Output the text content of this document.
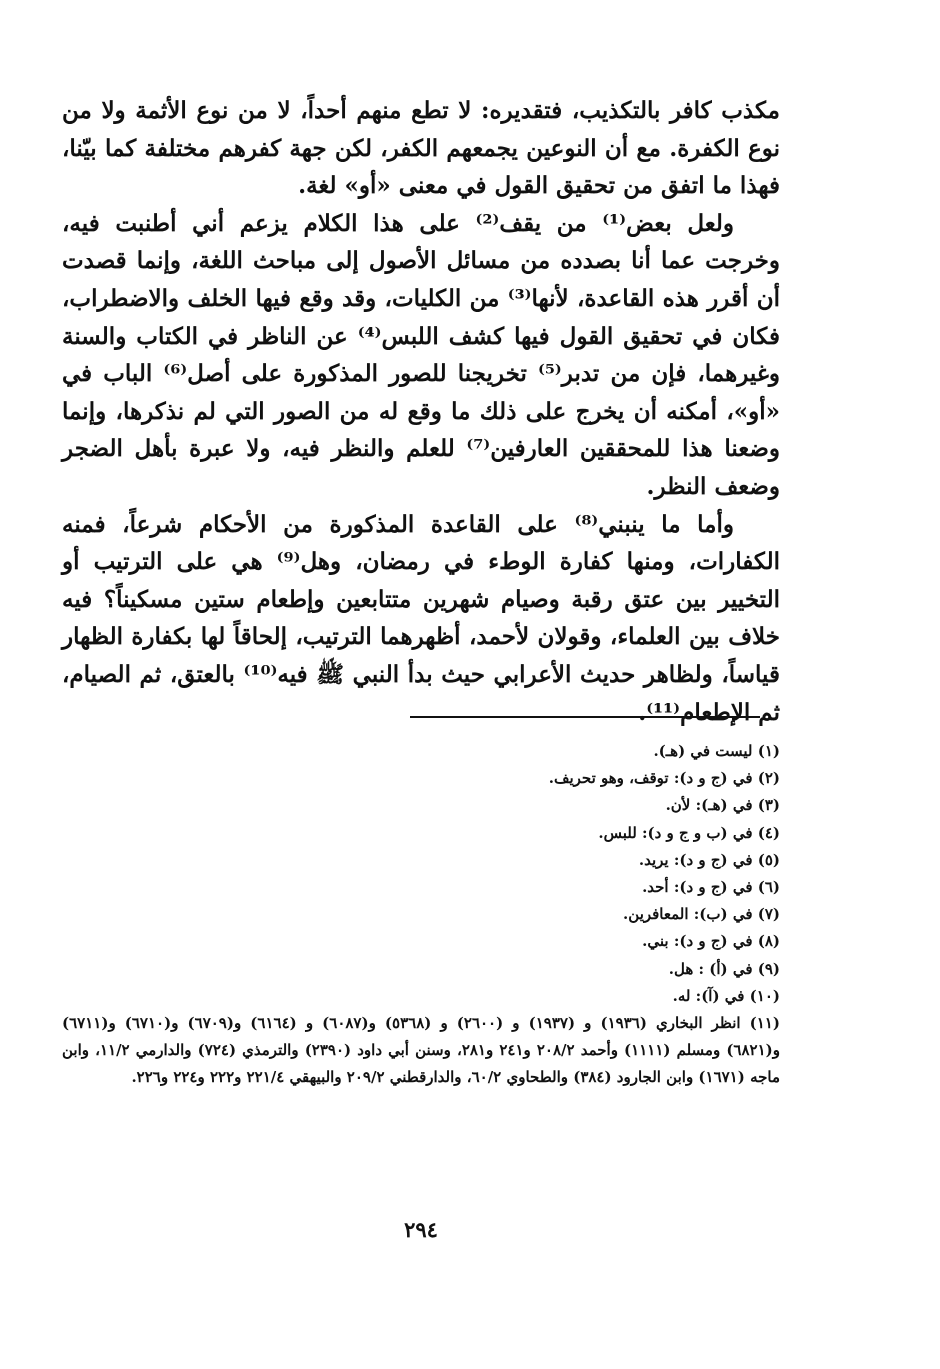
مكذب كافر بالتكذيب، فتقديره: لا تطع منهم أحداً، لا من نوع الأثمة ولا من نوع الكفرة. مع أن النوعين يجمعهم الكفر، لكن جهة كفرهم مختلفة كما بيّنا، فهذا ما اتفق من تحقيق القول في معنى «أو» لغة.

ولعل بعض⁽¹⁾ من يقف⁽²⁾ على هذا الكلام يزعم أني أطنبت فيه، وخرجت عما أنا بصدده من مسائل الأصول إلى مباحث اللغة، وإنما قصدت أن أقرر هذه القاعدة، لأنها⁽³⁾ من الكليات، وقد وقع فيها الخلف والاضطراب، فكان في تحقيق القول فيها كشف اللبس⁽⁴⁾ عن الناظر في الكتاب والسنة وغيرهما، فإن من تدبر⁽⁵⁾ تخريجنا للصور المذكورة على أصل⁽⁶⁾ الباب في «أو»، أمكنه أن يخرج على ذلك ما وقع له من الصور التي لم نذكرها، وإنما وضعنا هذا للمحققين العارفين⁽⁷⁾ للعلم والنظر فيه، ولا عبرة بأهل الضجر وضعف النظر.

وأما ما ينبني⁽⁸⁾ على القاعدة المذكورة من الأحكام شرعاً، فمنه الكفارات، ومنها كفارة الوطء في رمضان، وهل⁽⁹⁾ هي على الترتيب أو التخيير بين عتق رقبة وصيام شهرين متتابعين وإطعام ستين مسكيناً؟ فيه خلاف بين العلماء، وقولان لأحمد، أظهرهما الترتيب، إلحاقاً لها بكفارة الظهار قياساً، ولظاهر حديث الأعرابي حيث بدأ النبي ﷺ فيه⁽¹⁰⁾ بالعتق، ثم الصيام، ثم الإطعام⁽¹¹⁾.

(١) ليست في (هـ).

(٢) في (ج و د): توقف، وهو تحريف.

(٣) في (هـ): لأن.

(٤) في (ب و ج و د): للبس.

(٥) في (ج و د): يريد.

(٦) في (ج و د): أحد.

(٧) في (ب): المعافرين.

(٨) في (ج و د): بني.

(٩) في (أ) : هل.

(١٠) في (آ): له.

(١١) انظر البخاري (١٩٣٦) و (١٩٣٧) و (٢٦٠٠) و (٥٣٦٨) و(٦٠٨٧) و (٦١٦٤) و(٦٧٠٩) و(٦٧١٠) و(٦٧١١) و(٦٨٢١) ومسلم (١١١١) وأحمد ٢٠٨/٢ و٢٤١ و٢٨١، وسنن أبي داود (٢٣٩٠) والترمذي (٧٢٤) والدارمي ١١/٢، وابن ماجه (١٦٧١) وابن الجارود (٣٨٤) والطحاوي ٦٠/٢، والدارقطني ٢٠٩/٢ والبيهقي ٢٢١/٤ و٢٢٢ و٢٢٤ و٢٢٦.

٢٩٤
